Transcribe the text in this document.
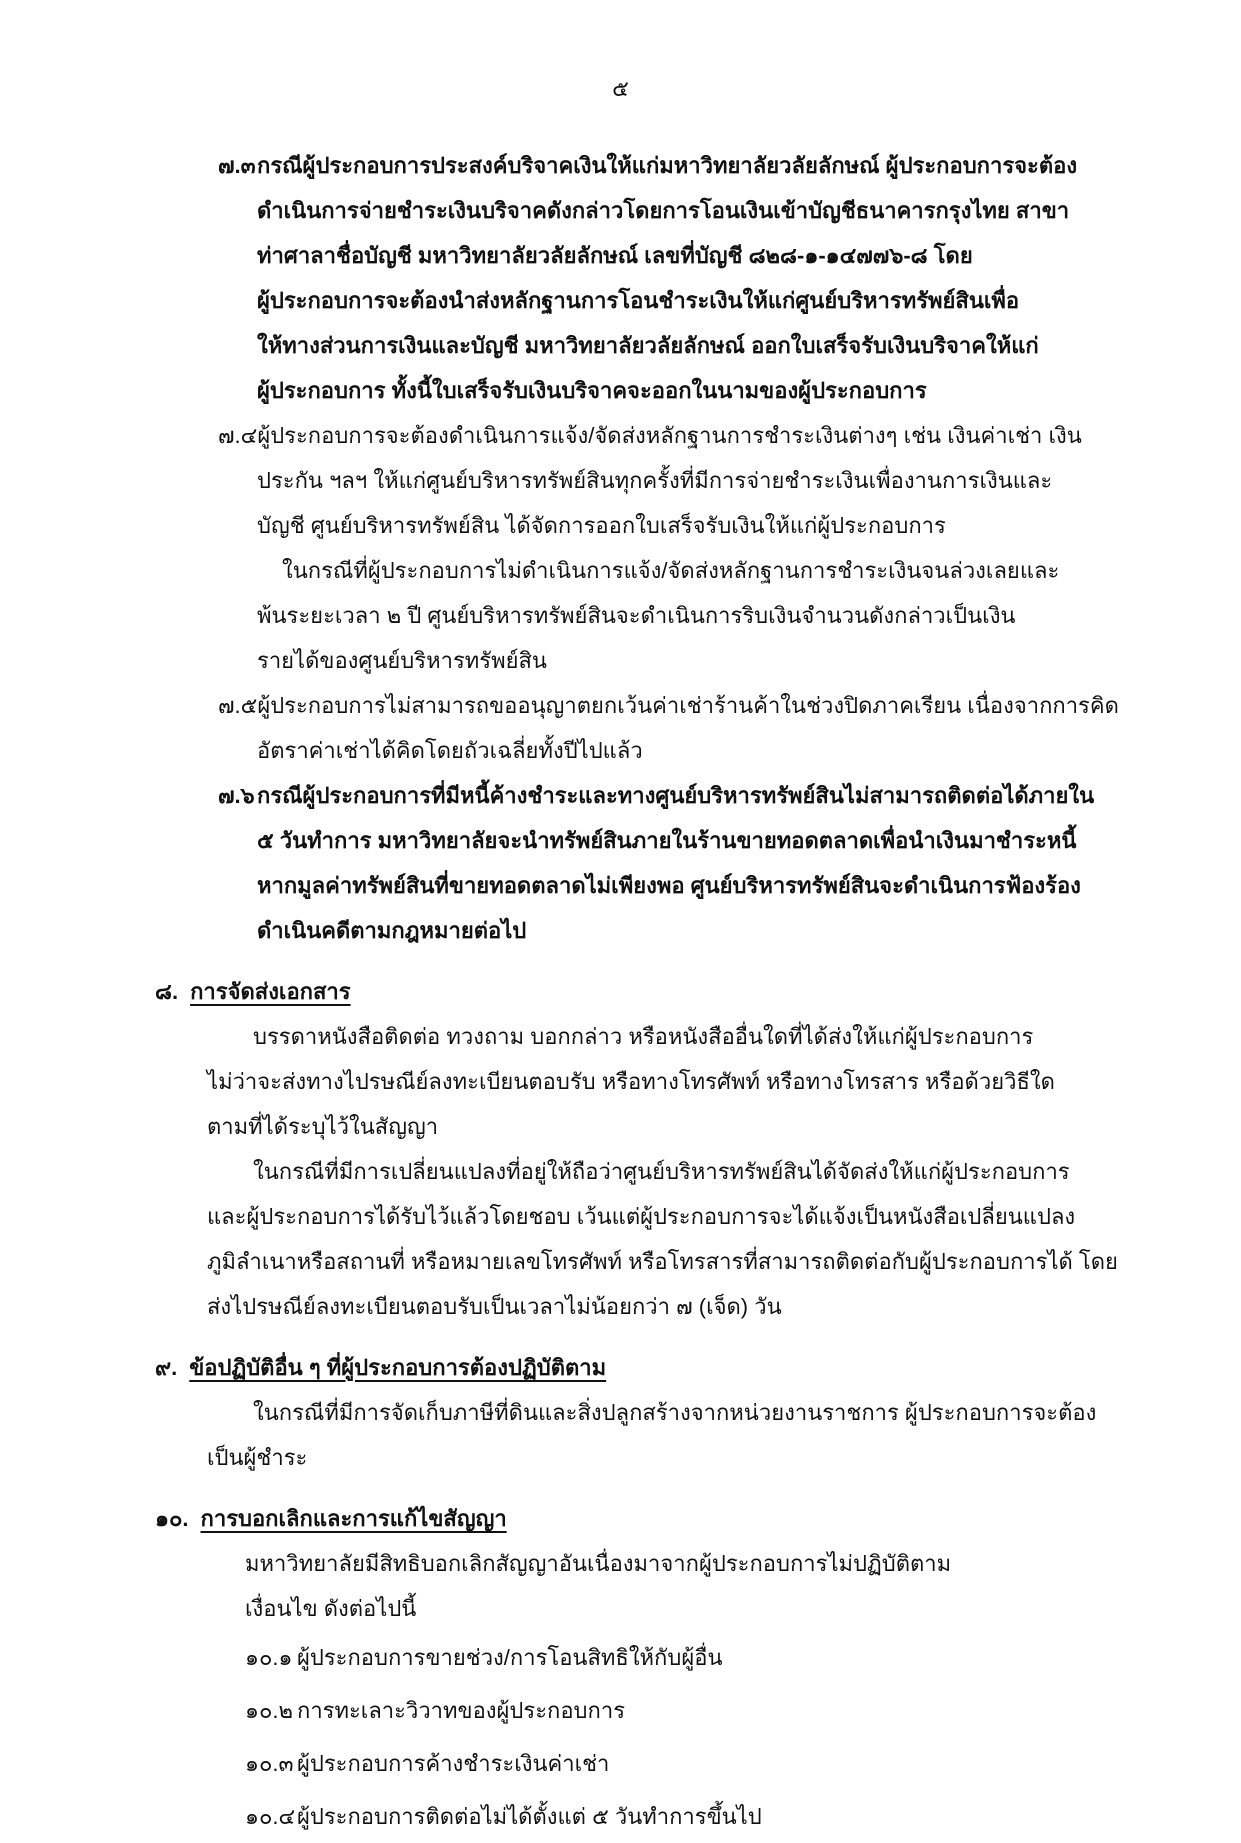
๕
๗.๓กรณีผู้ประกอบการประสงค์บริจาคเงินให้แก่มหาวิทยาลัยวลัยลักษณ์ ผู้ประกอบการจะต้อง
ดำเนินการจ่ายชำระเงินบริจาคดังกล่าวโดยการโอนเงินเข้าบัญชีธนาคารกรุงไทย สาขา
ท่าศาลาชื่อบัญชี มหาวิทยาลัยวลัยลักษณ์ เลขที่บัญชี ๘๒๘-๑-๑๔๗๗๖-๘ โดย
ผู้ประกอบการจะต้องนำส่งหลักฐานการโอนชำระเงินให้แก่ศูนย์บริหารทรัพย์สินเพื่อ
ให้ทางส่วนการเงินและบัญชี มหาวิทยาลัยวลัยลักษณ์ ออกใบเสร็จรับเงินบริจาคให้แก่
ผู้ประกอบการ ทั้งนี้ใบเสร็จรับเงินบริจาคจะออกในนามของผู้ประกอบการ
๗.๔ผู้ประกอบการจะต้องดำเนินการแจ้ง/จัดส่งหลักฐานการชำระเงินต่างๆ เช่น เงินค่าเช่า เงิน
ประกัน ฯลฯ ให้แก่ศูนย์บริหารทรัพย์สินทุกครั้งที่มีการจ่ายชำระเงินเพื่องานการเงินและ
บัญชี ศูนย์บริหารทรัพย์สิน ได้จัดการออกใบเสร็จรับเงินให้แก่ผู้ประกอบการ
ในกรณีที่ผู้ประกอบการไม่ดำเนินการแจ้ง/จัดส่งหลักฐานการชำระเงินจนล่วงเลยและ
พ้นระยะเวลา ๒ ปี ศูนย์บริหารทรัพย์สินจะดำเนินการริบเงินจำนวนดังกล่าวเป็นเงิน
รายได้ของศูนย์บริหารทรัพย์สิน
๗.๕ผู้ประกอบการไม่สามารถขออนุญาตยกเว้นค่าเช่าร้านค้าในช่วงปิดภาคเรียน เนื่องจากการคิด
อัตราค่าเช่าได้คิดโดยถัวเฉลี่ยทั้งปีไปแล้ว
๗.๖ กรณีผู้ประกอบการที่มีหนี้ค้างชำระและทางศูนย์บริหารทรัพย์สินไม่สามารถติดต่อได้ภายใน
๕ วันทำการ มหาวิทยาลัยจะนำทรัพย์สินภายในร้านขายทอดตลาดเพื่อนำเงินมาชำระหนี้
หากมูลค่าทรัพย์สินที่ขายทอดตลาดไม่เพียงพอ ศูนย์บริหารทรัพย์สินจะดำเนินการฟ้องร้อง
ดำเนินคดีตามกฎหมายต่อไป
๘. การจัดส่งเอกสาร
บรรดาหนังสือติดต่อ ทวงถาม บอกกล่าว หรือหนังสืออื่นใดที่ได้ส่งให้แก่ผู้ประกอบการ
ไม่ว่าจะส่งทางไปรษณีย์ลงทะเบียนตอบรับ หรือทางโทรศัพท์ หรือทางโทรสาร หรือด้วยวิธีใด
ตามที่ได้ระบุไว้ในสัญญา
ในกรณีที่มีการเปลี่ยนแปลงที่อยู่ให้ถือว่าศูนย์บริหารทรัพย์สินได้จัดส่งให้แก่ผู้ประกอบการ
และผู้ประกอบการได้รับไว้แล้วโดยชอบ เว้นแต่ผู้ประกอบการจะได้แจ้งเป็นหนังสือเปลี่ยนแปลง
ภูมิลำเนาหรือสถานที่ หรือหมายเลขโทรศัพท์ หรือโทรสารที่สามารถติดต่อกับผู้ประกอบการได้ โดย
ส่งไปรษณีย์ลงทะเบียนตอบรับเป็นเวลาไม่น้อยกว่า ๗ (เจ็ด) วัน
๙. ข้อปฏิบัติอื่น ๆ ที่ผู้ประกอบการต้องปฏิบัติตาม
ในกรณีที่มีการจัดเก็บภาษีที่ดินและสิ่งปลูกสร้างจากหน่วยงานราชการ ผู้ประกอบการจะต้อง
เป็นผู้ชำระ
๑๐. การบอกเลิกและการแก้ไขสัญญา
มหาวิทยาลัยมีสิทธิบอกเลิกสัญญาอันเนื่องมาจากผู้ประกอบการไม่ปฏิบัติตาม
เงื่อนไข ดังต่อไปนี้
๑๐.๑ ผู้ประกอบการขายช่วง/การโอนสิทธิให้กับผู้อื่น
๑๐.๒ การทะเลาะวิวาทของผู้ประกอบการ
๑๐.๓ ผู้ประกอบการค้างชำระเงินค่าเช่า
๑๐.๔ผู้ประกอบการติดต่อไม่ได้ตั้งแต่ ๕ วันทำการขึ้นไป
